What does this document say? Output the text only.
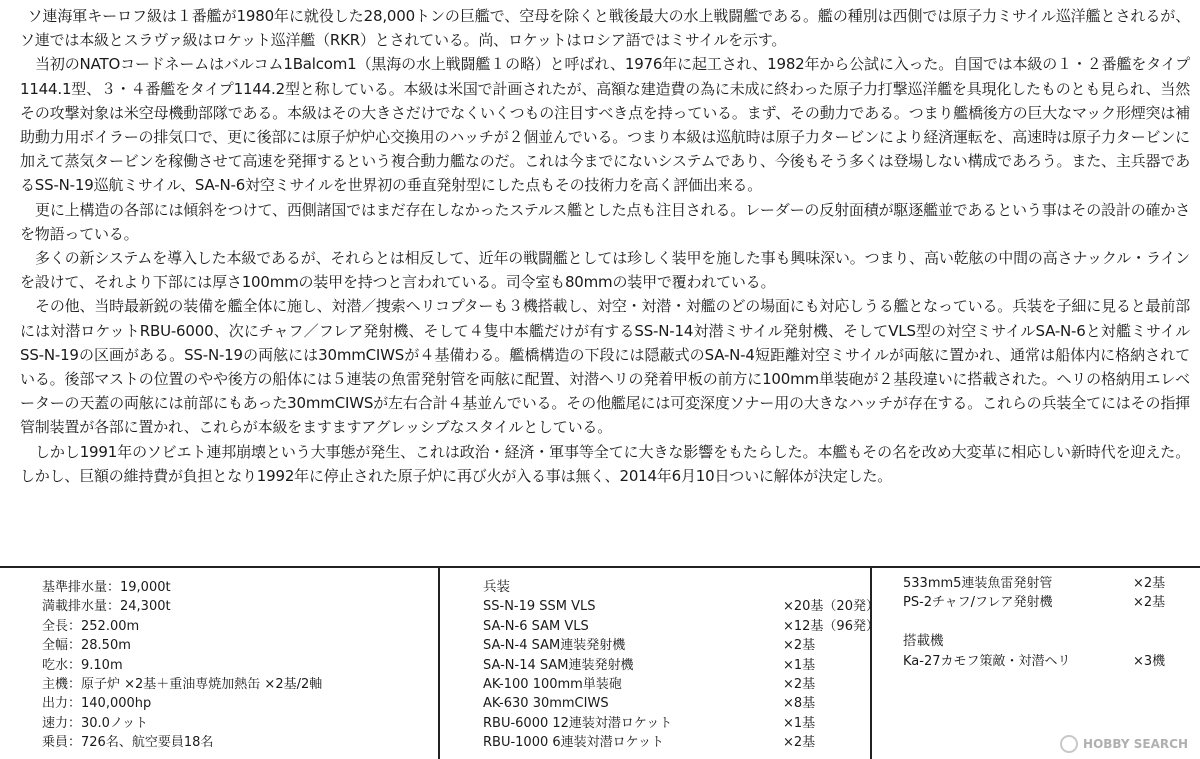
ソ連海軍キーロフ級は１番艦が1980年に就役した28,000トンの巨艦で、空母を除くと戦後最大の水上戦闘艦である。艦の種別は西側では原子力ミサイル巡洋艦とされるが、ソ連では本級とスラヴァ級はロケット巡洋艦（RKR）とされている。尚、ロケットはロシア語ではミサイルを示す。

当初のNATOコードネームはバルコム1Balcom1（黒海の水上戦闘艦１の略）と呼ばれ、1976年に起工され、1982年から公試に入った。自国では本級の１・２番艦をタイプ1144.1型、３・４番艦をタイプ1144.2型と称している。本級は米国で計画されたが、高額な建造費の為に未成に終わった原子力打撃巡洋艦を具現化したものとも見られ、当然その攻撃対象は米空母機動部隊である。本級はその大きさだけでなくいくつもの注目すべき点を持っている。まず、その動力である。つまり艦橋後方の巨大なマック形煙突は補助動力用ボイラーの排気口で、更に後部には原子炉炉心交換用のハッチが２個並んでいる。つまり本級は巡航時は原子力タービンにより経済運転を、高速時は原子力タービンに加えて蒸気タービンを稼働させて高速を発揮するという複合動力艦なのだ。これは今までにないシステムであり、今後もそう多くは登場しない構成であろう。また、主兵器であるSS-N-19巡航ミサイル、SA-N-6対空ミサイルを世界初の垂直発射型にした点もその技術力を高く評価出来る。

更に上構造の各部には傾斜をつけて、西側諸国ではまだ存在しなかったステルス艦とした点も注目される。レーダーの反射面積が駆逐艦並であるという事はその設計の確かさを物語っている。

多くの新システムを導入した本級であるが、それらとは相反して、近年の戦闘艦としては珍しく装甲を施した事も興味深い。つまり、高い乾舷の中間の高さナックル・ラインを設けて、それより下部には厚さ100mmの装甲を持つと言われている。司令室も80mmの装甲で覆われている。

その他、当時最新鋭の装備を艦全体に施し、対潜／捜索ヘリコプターも３機搭載し、対空・対潜・対艦のどの場面にも対応しうる艦となっている。兵装を子細に見ると最前部には対潜ロケットRBU-6000、次にチャフ／フレア発射機、そして４隻中本艦だけが有するSS-N-14対潜ミサイル発射機、そしてVLS型の対空ミサイルSA-N-6と対艦ミサイルSS-N-19の区画がある。SS-N-19の両舷には30mmCIWSが４基備わる。艦橋構造の下段には隠蔽式のSA-N-4短距離対空ミサイルが両舷に置かれ、通常は船体内に格納されている。後部マストの位置のやや後方の船体には５連装の魚雷発射管を両舷に配置、対潜ヘリの発着甲板の前方に100mm単装砲が２基段違いに搭載された。ヘリの格納用エレベーターの天蓋の両舷には前部にもあった30mmCIWSが左右合計４基並んでいる。その他艦尾には可変深度ソナー用の大きなハッチが存在する。これらの兵装全てにはその指揮管制装置が各部に置かれ、これらが本級をますますアグレッシブなスタイルとしている。

しかし1991年のソビエト連邦崩壊という大事態が発生、これは政治・経済・軍事等全てに大きな影響をもたらした。本艦もその名を改め大変革に相応しい新時代を迎えた。しかし、巨額の維持費が負担となり1992年に停止された原子炉に再び火が入る事は無く、2014年6月10日ついに解体が決定した。

基準排水量：19,000t
満載排水量：24,300t
全長：252.00m
全幅：28.50m
吃水：9.10m
主機：原子炉 ×2基＋重油専焼加熱缶 ×2基/2軸
出力：140,000hp
速力：30.0ノット
乗員：726名、航空要員18名
兵装
SS-N-19 SSM VLS	×20基（20発）
SA-N-6 SAM VLS	×12基（96発）
SA-N-4 SAM連装発射機	×2基
SA-N-14 SAM連装発射機	×1基
AK-100 100mm単装砲	×2基
AK-630 30mmCIWS	×8基
RBU-6000 12連装対潜ロケット	×1基
RBU-1000 6連装対潜ロケット	×2基
533mm5連装魚雷発射管	×2基
PS-2チャフ/フレア発射機	×2基
搭載機
Ka-27カモフ策敵・対潜ヘリ	×3機
HOBBY SEARCH
